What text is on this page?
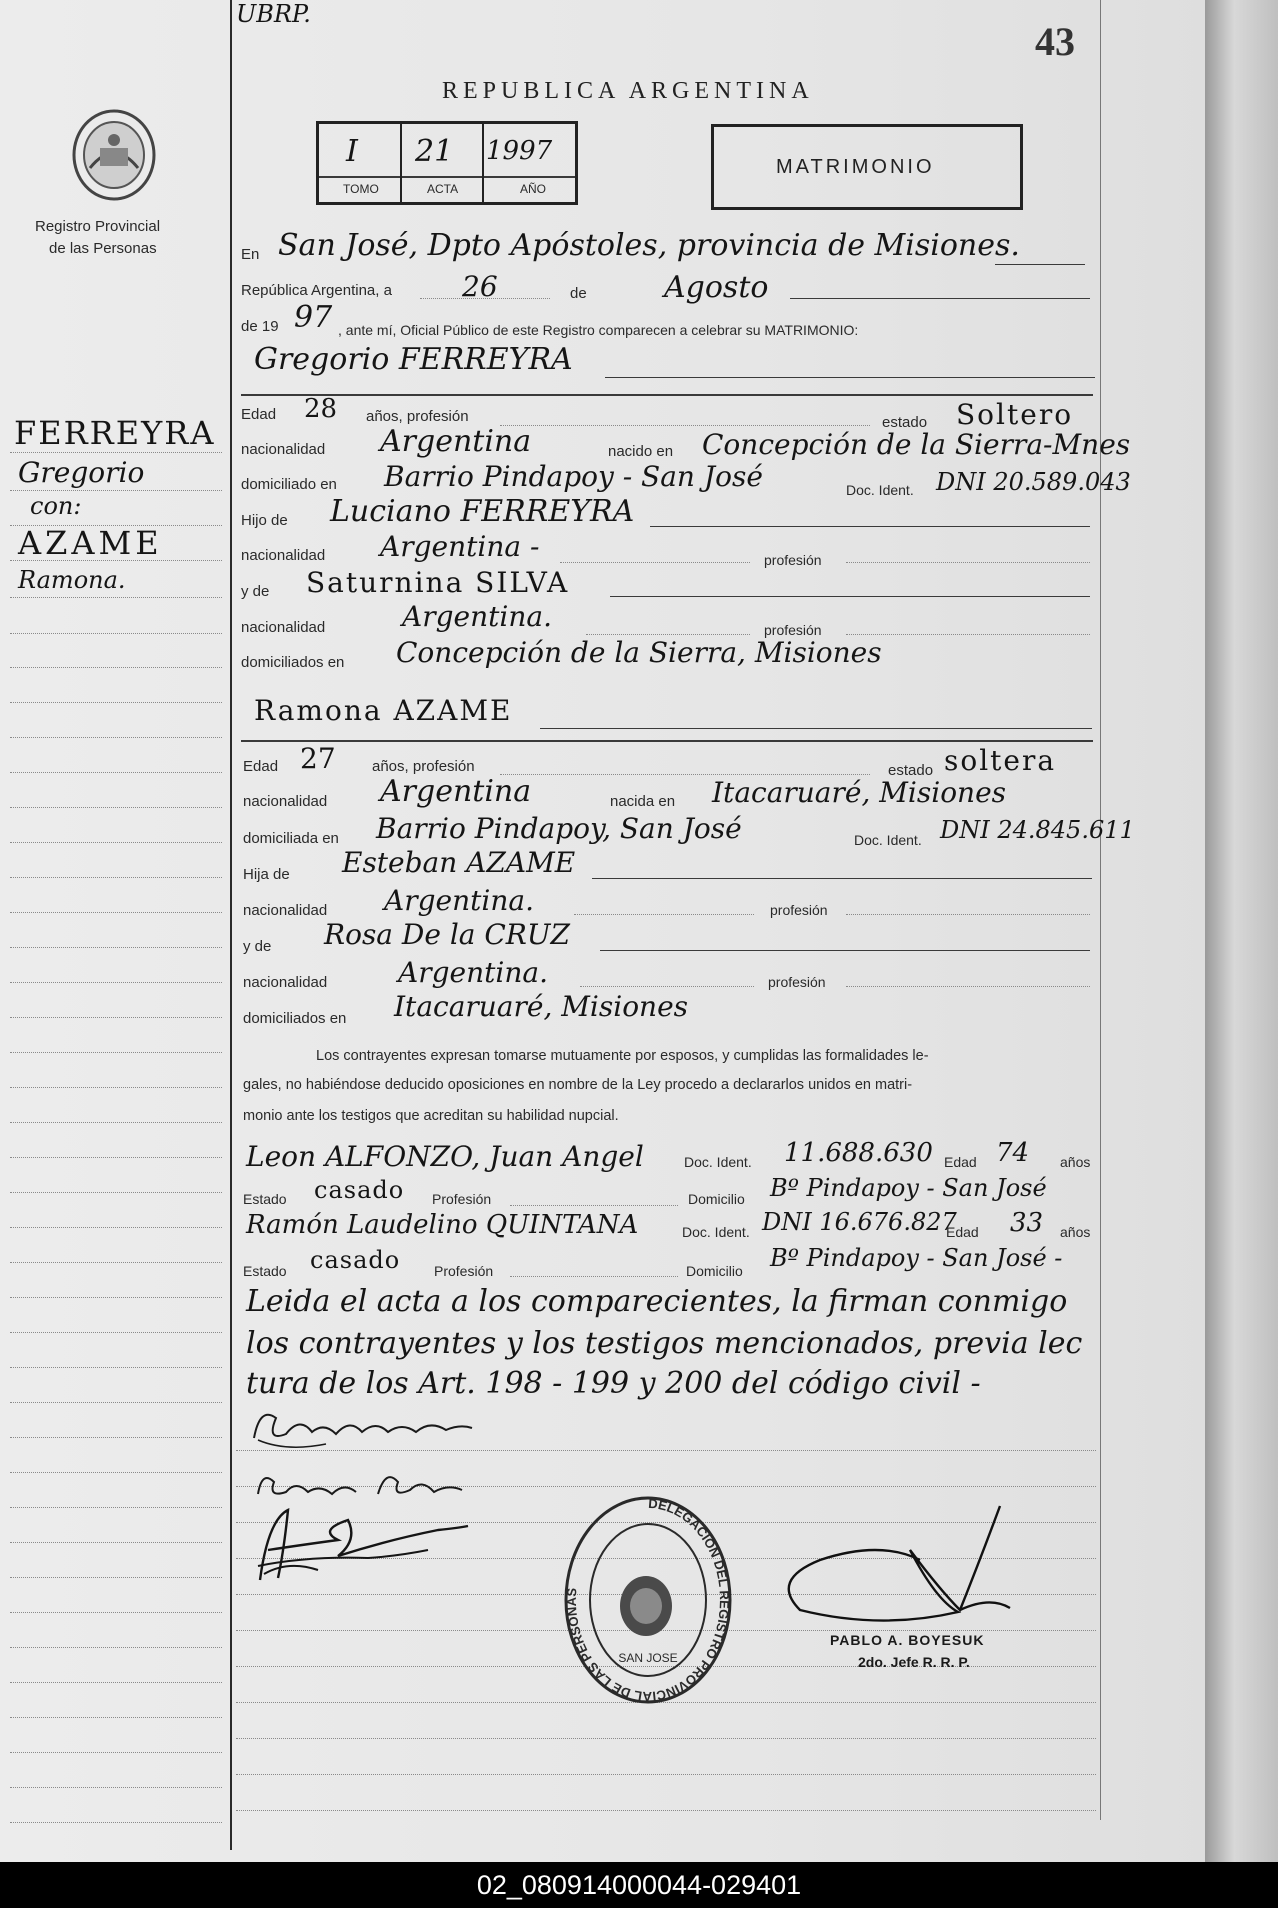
UBRP.
43
REPUBLICA ARGENTINA
Registro Provincial
de las Personas
I 21 1997
TOMO	ACTA	AÑO
MATRIMONIO
FERREYRA
Gregorio
con:
AZAME
Ramona.
En San José, Dpto Apóstoles, provincia de Misiones.
República Argentina, a	26	de	Agosto
de 19 97 , ante mí, Oficial Público de este Registro comparecen a celebrar su MATRIMONIO:
Gregorio FERREYRA
Edad 28 años, profesión	estado Soltero
nacionalidad Argentina	nacido en Concepción de la Sierra-Mnes
domiciliado en Barrio Pindapoy - San José	Doc. Ident. DNI 20.589.043
Hijo de Luciano FERREYRA
nacionalidad Argentina -	profesión
y de Saturnina SILVA
nacionalidad	Argentina.	profesión
domiciliados en Concepción de la Sierra, Misiones
Ramona AZAME
Edad 27 años, profesión	estado soltera
nacionalidad Argentina	nacida en Itacaruaré, Misiones
domiciliada en Barrio Pindapoy, San José	Doc. Ident. DNI 24.845.611
Hija de Esteban AZAME
nacionalidad Argentina.	profesión
y de Rosa De la CRUZ
nacionalidad	Argentina.	profesión
domiciliados en Itacaruaré, Misiones
Los contrayentes expresan tomarse mutuamente por esposos, y cumplidas las formalidades le-
gales, no habiéndose deducido oposiciones en nombre de la Ley procedo a declararlos unidos en matri-
monio ante los testigos que acreditan su habilidad nupcial.
Leon ALFONZO, Juan Angel	Doc. Ident. 11.688.630 Edad 74 años
Estado casado Profesión	Domicilio Bº Pindapoy - San José
Ramón Laudelino QUINTANA	Doc. Ident. DNI 16.676.827
Edad 33 años
Estado casado Profesión	Domicilio Bº Pindapoy - San José -
Leida el acta a los comparecientes, la firman conmigo
los contrayentes y los testigos mencionados, previa lec
tura de los Art. 198 - 199 y 200 del código civil -
DELEGACION DEL REGISTRO PROVINCIAL DE LAS PERSONAS
SAN JOSE
PABLO A. BOYESUK
2do. Jefe R. R. P.
02_080914000044-029401
